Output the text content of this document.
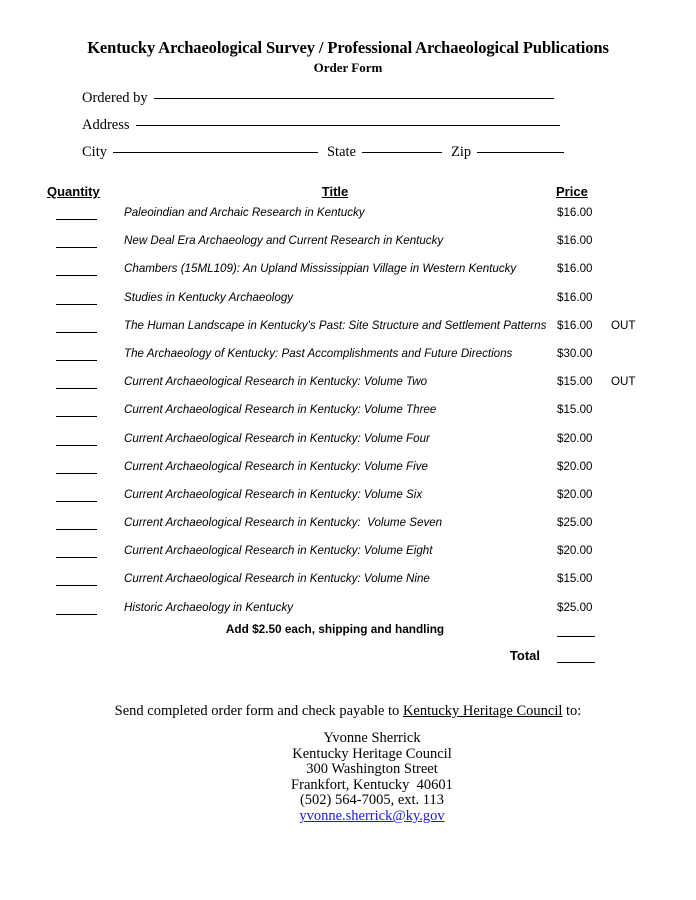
Kentucky Archaeological Survey / Professional Archaeological Publications
Order Form
Ordered by
Address
City	State	Zip
Quantity	Title	Price
Paleoindian and Archaic Research in Kentucky	$16.00
New Deal Era Archaeology and Current Research in Kentucky	$16.00
Chambers (15ML109): An Upland Mississippian Village in Western Kentucky	$16.00
Studies in Kentucky Archaeology	$16.00
The Human Landscape in Kentucky's Past: Site Structure and Settlement Patterns $16.00 OUT
The Archaeology of Kentucky: Past Accomplishments and Future Directions	$30.00
Current Archaeological Research in Kentucky: Volume Two	$15.00 OUT
Current Archaeological Research in Kentucky: Volume Three	$15.00
Current Archaeological Research in Kentucky: Volume Four	$20.00
Current Archaeological Research in Kentucky: Volume Five	$20.00
Current Archaeological Research in Kentucky: Volume Six	$20.00
Current Archaeological Research in Kentucky:  Volume Seven	$25.00
Current Archaeological Research in Kentucky: Volume Eight	$20.00
Current Archaeological Research in Kentucky: Volume Nine	$15.00
Historic Archaeology in Kentucky	$25.00
Add $2.50 each, shipping and handling
Total
Send completed order form and check payable to Kentucky Heritage Council to:
Yvonne Sherrick
Kentucky Heritage Council
300 Washington Street
Frankfort, Kentucky  40601
(502) 564-7005, ext. 113
yvonne.sherrick@ky.gov
